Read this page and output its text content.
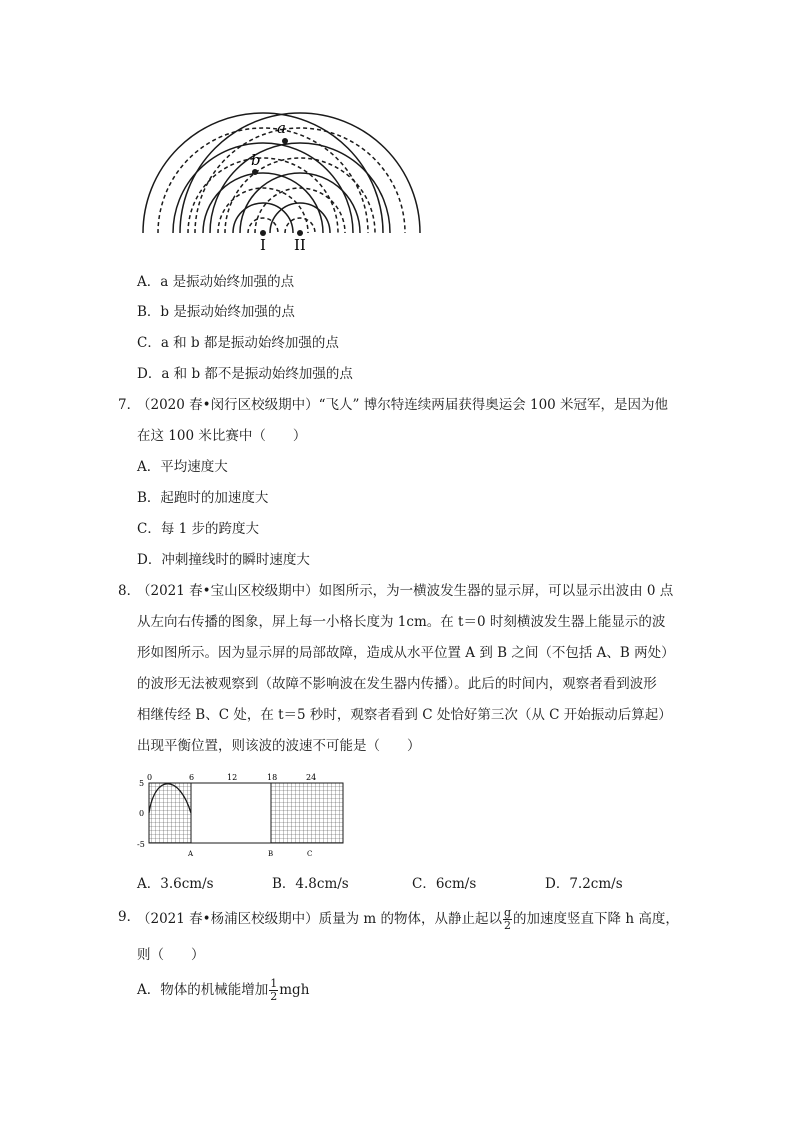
a
b
I II
A．a 是振动始终加强的点
B．b 是振动始终加强的点
C．a 和 b 都是振动始终加强的点
D．a 和 b 都不是振动始终加强的点
7．
（2020 春•闵行区校级期中）“飞人” 博尔特连续两届获得奥运会 100 米冠军，是因为他
在这 100 米比赛中（　　）
A．平均速度大
B．起跑时的加速度大
C．每 1 步的跨度大
D．冲刺撞线时的瞬时速度大
8．
（2021 春•宝山区校级期中）如图所示，为一横波发生器的显示屏，可以显示出波由 0 点
从左向右传播的图象，屏上每一小格长度为 1cm。在 t＝0 时刻横波发生器上能显示的波
形如图所示。因为显示屏的局部故障，造成从水平位置 A 到 B 之间（不包括 A、B 两处）
的波形无法被观察到（故障不影响波在发生器内传播）。此后的时间内，观察者看到波形
相继传经 B、C 处，在 t＝5 秒时，观察者看到 C 处恰好第三次（从 C 开始振动后算起）
出现平衡位置，则该波的波速不可能是（　　）
0	6	12	18	24
5
0
-5
A	B	C
A．3.6cm/s	B．4.8cm/s	C．6cm/s	D．7.2cm/s
9．
（2021 春•杨浦区校级期中）质量为 m 的物体，从静止起以 $\frac{g}{2}$ 的加速度竖直下降 h 高度，
则（　　）
A．物体的机械能增加 $\frac{1}{2}$ mgh
